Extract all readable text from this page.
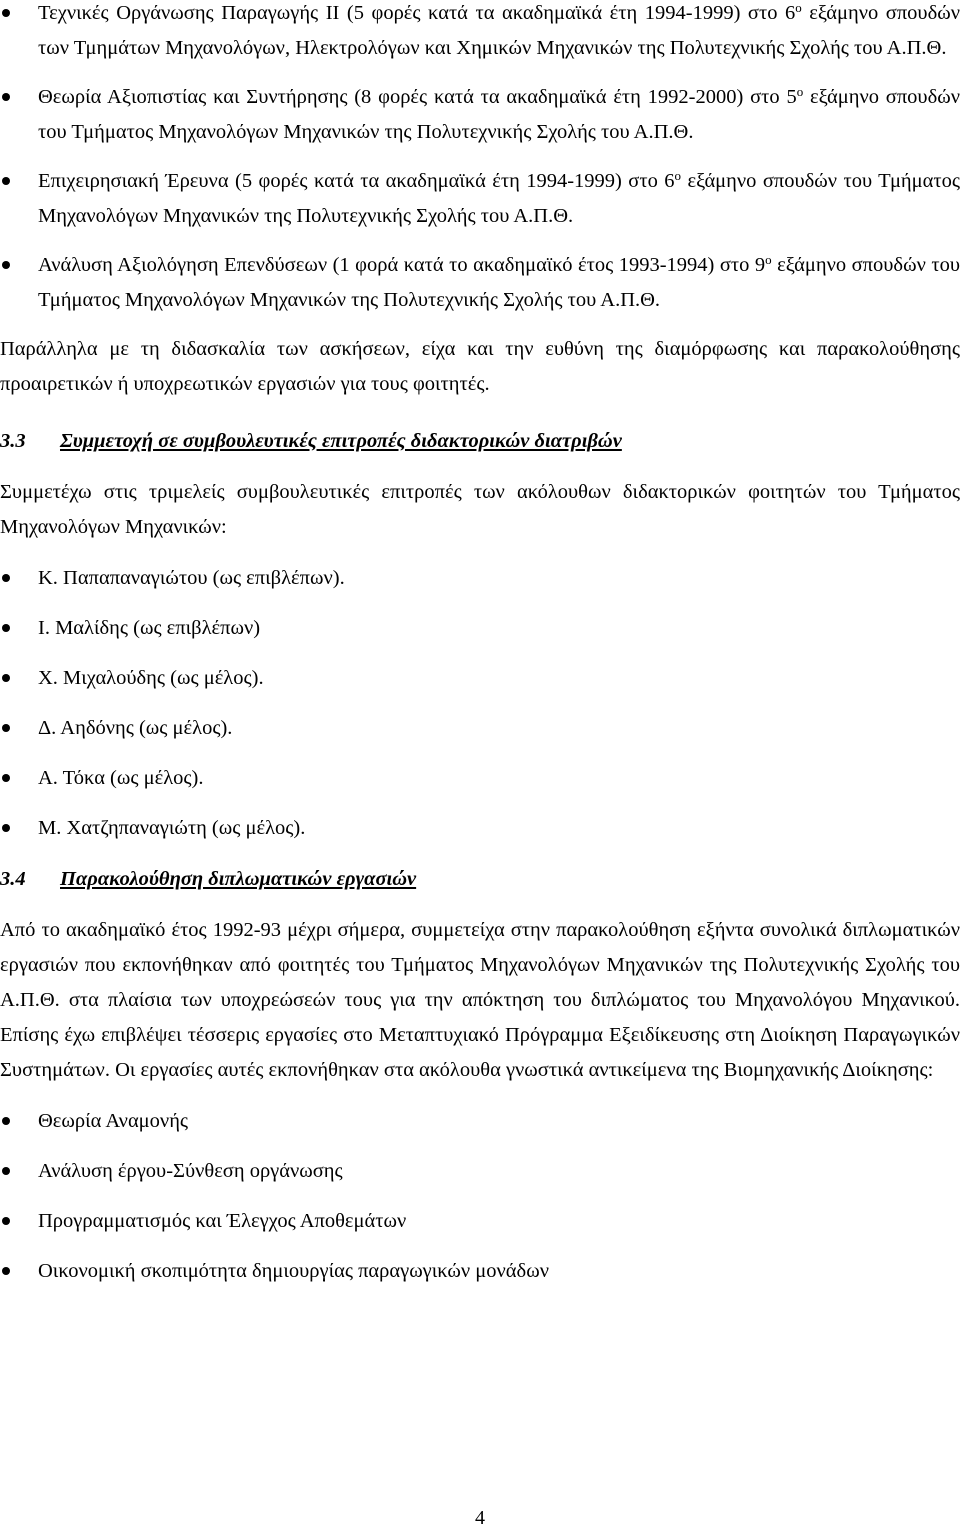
Τεχνικές Οργάνωσης Παραγωγής ΙΙ (5 φορές κατά τα ακαδημαϊκά έτη 1994-1999) στο $6^o$ εξάμηνο σπουδών των Τμημάτων Μηχανολόγων, Ηλεκτρολόγων και Χημικών Μηχανικών της Πολυτεχνικής Σχολής του Α.Π.Θ.
Θεωρία Αξιοπιστίας και Συντήρησης (8 φορές κατά τα ακαδημαϊκά έτη 1992-2000) στο $5^o$ εξάμηνο σπουδών του Τμήματος Μηχανολόγων Μηχανικών της Πολυτεχνικής Σχολής του Α.Π.Θ.
Επιχειρησιακή Έρευνα (5 φορές κατά τα ακαδημαϊκά έτη 1994-1999) στο $6^o$ εξάμηνο σπουδών του Τμήματος Μηχανολόγων Μηχανικών της Πολυτεχνικής Σχολής του Α.Π.Θ.
Ανάλυση Αξιολόγηση Επενδύσεων (1 φορά κατά το ακαδημαϊκό έτος 1993-1994) στο $9^o$ εξάμηνο σπουδών του Τμήματος Μηχανολόγων Μηχανικών της Πολυτεχνικής Σχολής του Α.Π.Θ.

Παράλληλα με τη διδασκαλία των ασκήσεων, είχα και την ευθύνη της διαμόρφωσης και παρακολούθησης προαιρετικών ή υποχρεωτικών εργασιών για τους φοιτητές.

3.3 Συμμετοχή σε συμβουλευτικές επιτροπές διδακτορικών διατριβών

Συμμετέχω στις τριμελείς συμβουλευτικές επιτροπές των ακόλουθων διδακτορικών φοιτητών του Τμήματος Μηχανολόγων Μηχανικών:

Κ. Παπαπαναγιώτου (ως επιβλέπων).
Ι. Μαλίδης (ως επιβλέπων)
Χ. Μιχαλούδης (ως μέλος).
Δ. Αηδόνης (ως μέλος).
Α. Τόκα (ως μέλος).
Μ. Χατζηπαναγιώτη (ως μέλος).

3.4 Παρακολούθηση διπλωματικών εργασιών

Από το ακαδημαϊκό έτος 1992-93 μέχρι σήμερα, συμμετείχα στην παρακολούθηση εξήντα συνολικά διπλωματικών εργασιών που εκπονήθηκαν από φοιτητές του Τμήματος Μηχανολόγων Μηχανικών της Πολυτεχνικής Σχολής του Α.Π.Θ. στα πλαίσια των υποχρεώσεών τους για την απόκτηση του διπλώματος του Μηχανολόγου Μηχανικού. Επίσης έχω επιβλέψει τέσσερις εργασίες στο Μεταπτυχιακό Πρόγραμμα Εξειδίκευσης στη Διοίκηση Παραγωγικών Συστημάτων. Οι εργασίες αυτές εκπονήθηκαν στα ακόλουθα γνωστικά αντικείμενα της Βιομηχανικής Διοίκησης:

Θεωρία Αναμονής
Ανάλυση έργου-Σύνθεση οργάνωσης
Προγραμματισμός και Έλεγχος Αποθεμάτων
Οικονομική σκοπιμότητα δημιουργίας παραγωγικών μονάδων
4
